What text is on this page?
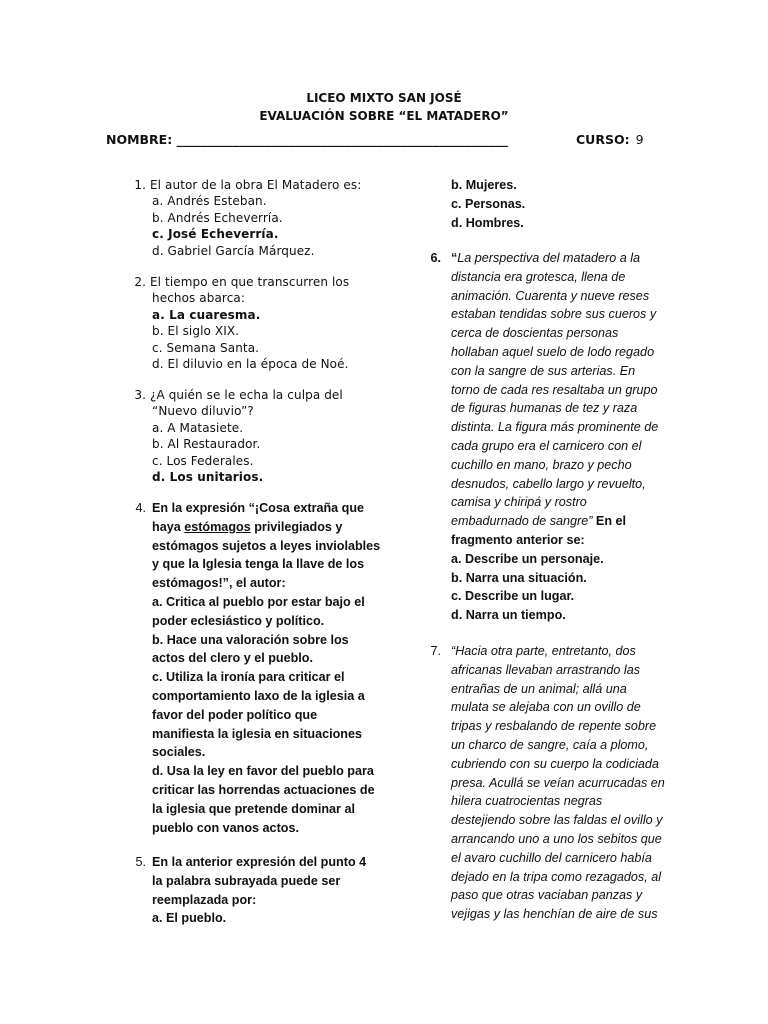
LICEO MIXTO SAN JOSÉ
EVALUACIÓN SOBRE “EL MATADERO”
NOMBRE: _____________________________________________________	CURSO: 9
1. El autor de la obra El Matadero es:
a. Andrés Esteban.
b. Andrés Echeverría.
c. José Echeverría.
d. Gabriel García Márquez.
2. El tiempo en que transcurren los
hechos abarca:
a. La cuaresma.
b. El siglo XIX.
c. Semana Santa.
d. El diluvio en la época de Noé.
3. ¿A quién se le echa la culpa del
“Nuevo diluvio”?
a. A Matasiete.
b. Al Restaurador.
c. Los Federales.
d. Los unitarios.
4. En la expresión “¡Cosa extraña que
haya estómagos privilegiados y
estómagos sujetos a leyes inviolables
y que la Iglesia tenga la llave de los
estómagos!”, el autor:
a. Critica al pueblo por estar bajo el
poder eclesiástico y político.
b. Hace una valoración sobre los
actos del clero y el pueblo.
c. Utiliza la ironía para criticar el
comportamiento laxo de la iglesia a
favor del poder político que
manifiesta la iglesia en situaciones
sociales.
d. Usa la ley en favor del pueblo para
criticar las horrendas actuaciones de
la iglesia que pretende dominar al
pueblo con vanos actos.
5. En la anterior expresión del punto 4
la palabra subrayada puede ser
reemplazada por:
a. El pueblo.
b. Mujeres.
c. Personas.
d. Hombres.
6. “La perspectiva del matadero a la
distancia era grotesca, llena de
animación. Cuarenta y nueve reses
estaban tendidas sobre sus cueros y
cerca de doscientas personas
hollaban aquel suelo de lodo regado
con la sangre de sus arterias. En
torno de cada res resaltaba un grupo
de figuras humanas de tez y raza
distinta. La figura más prominente de
cada grupo era el carnicero con el
cuchillo en mano, brazo y pecho
desnudos, cabello largo y revuelto,
camisa y chiripá y rostro
embadurnado de sangre” En el
fragmento anterior se:
a. Describe un personaje.
b. Narra una situación.
c. Describe un lugar.
d. Narra un tiempo.
7. “Hacia otra parte, entretanto, dos
africanas llevaban arrastrando las
entrañas de un animal; allá una
mulata se alejaba con un ovillo de
tripas y resbalando de repente sobre
un charco de sangre, caía a plomo,
cubriendo con su cuerpo la codiciada
presa. Acullá se veían acurrucadas en
hilera cuatrocientas negras
destejiendo sobre las faldas el ovillo y
arrancando uno a uno los sebitos que
el avaro cuchillo del carnicero había
dejado en la tripa como rezagados, al
paso que otras vaciaban panzas y
vejigas y las henchían de aire de sus
